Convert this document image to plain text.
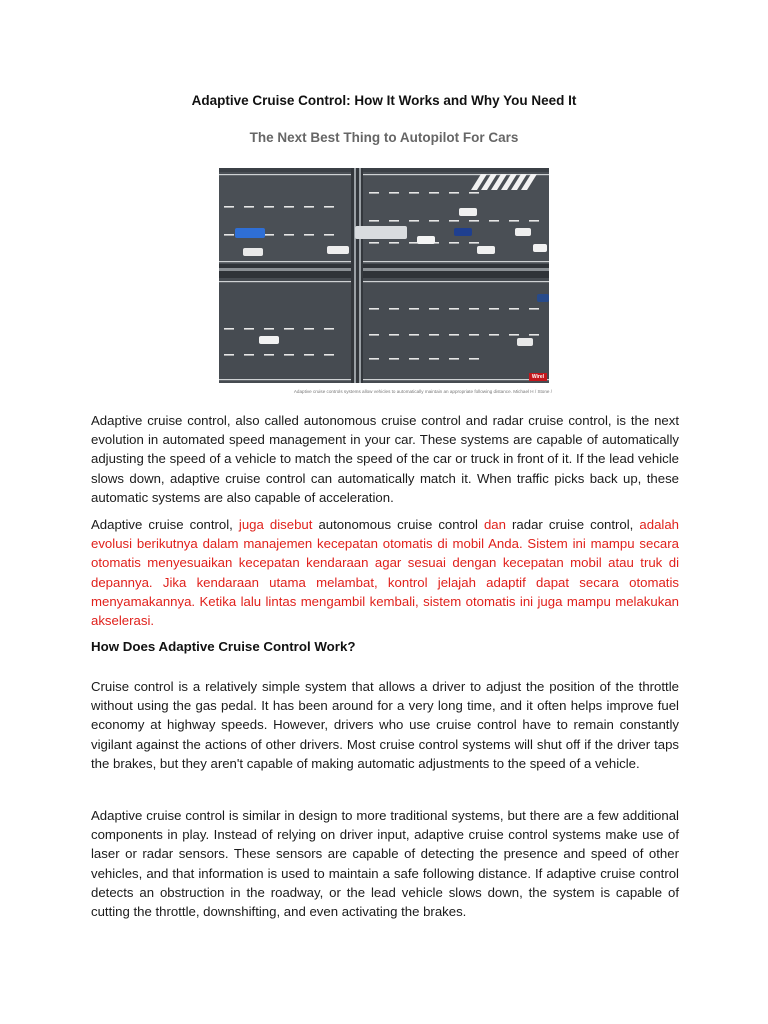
Adaptive Cruise Control: How It Works and Why You Need It
The Next Best Thing to Autopilot For Cars
Wirel
Adaptive cruise controls systems allow vehicles to automatically maintain an appropriate following distance. Michael H / Stone /

Adaptive cruise control, also called autonomous cruise control and radar cruise control, is the next evolution in automated speed management in your car. These systems are capable of automatically adjusting the speed of a vehicle to match the speed of the car or truck in front of it. If the lead vehicle slows down, adaptive cruise control can automatically match it. When traffic picks back up, these automatic systems are also capable of acceleration.

Adaptive cruise control, juga disebut autonomous cruise control dan radar cruise control, adalah evolusi berikutnya dalam manajemen kecepatan otomatis di mobil Anda. Sistem ini mampu secara otomatis menyesuaikan kecepatan kendaraan agar sesuai dengan kecepatan mobil atau truk di depannya. Jika kendaraan utama melambat, kontrol jelajah adaptif dapat secara otomatis menyamakannya. Ketika lalu lintas mengambil kembali, sistem otomatis ini juga mampu melakukan akselerasi.

How Does Adaptive Cruise Control Work?

Cruise control is a relatively simple system that allows a driver to adjust the position of the throttle without using the gas pedal. It has been around for a very long time, and it often helps improve fuel economy at highway speeds. However, drivers who use cruise control have to remain constantly vigilant against the actions of other drivers. Most cruise control systems will shut off if the driver taps the brakes, but they aren't capable of making automatic adjustments to the speed of a vehicle.

Adaptive cruise control is similar in design to more traditional systems, but there are a few additional components in play. Instead of relying on driver input, adaptive cruise control systems make use of laser or radar sensors. These sensors are capable of detecting the presence and speed of other vehicles, and that information is used to maintain a safe following distance. If adaptive cruise control detects an obstruction in the roadway, or the lead vehicle slows down, the system is capable of cutting the throttle, downshifting, and even activating the brakes.
